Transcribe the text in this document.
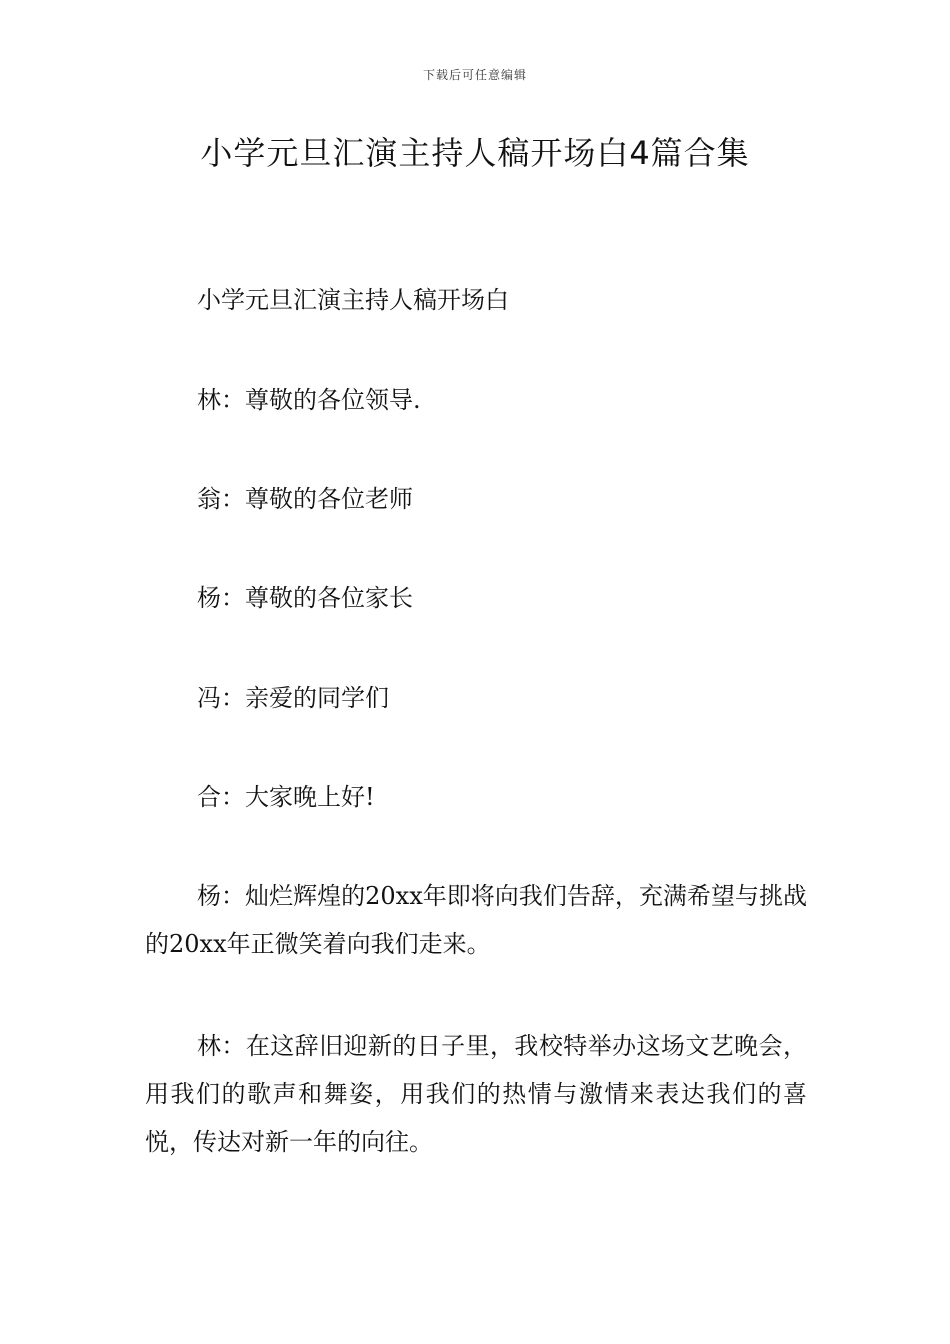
下载后可任意编辑
小学元旦汇演主持人稿开场白4篇合集

小学元旦汇演主持人稿开场白

林：尊敬的各位领导.

翁：尊敬的各位老师

杨：尊敬的各位家长

冯：亲爱的同学们

合：大家晚上好!

杨：灿烂辉煌的20xx年即将向我们告辞，充满希望与挑战的20xx年正微笑着向我们走来。

林：在这辞旧迎新的日子里，我校特举办这场文艺晚会，用我们的歌声和舞姿，用我们的热情与激情来表达我们的喜悦，传达对新一年的向往。
